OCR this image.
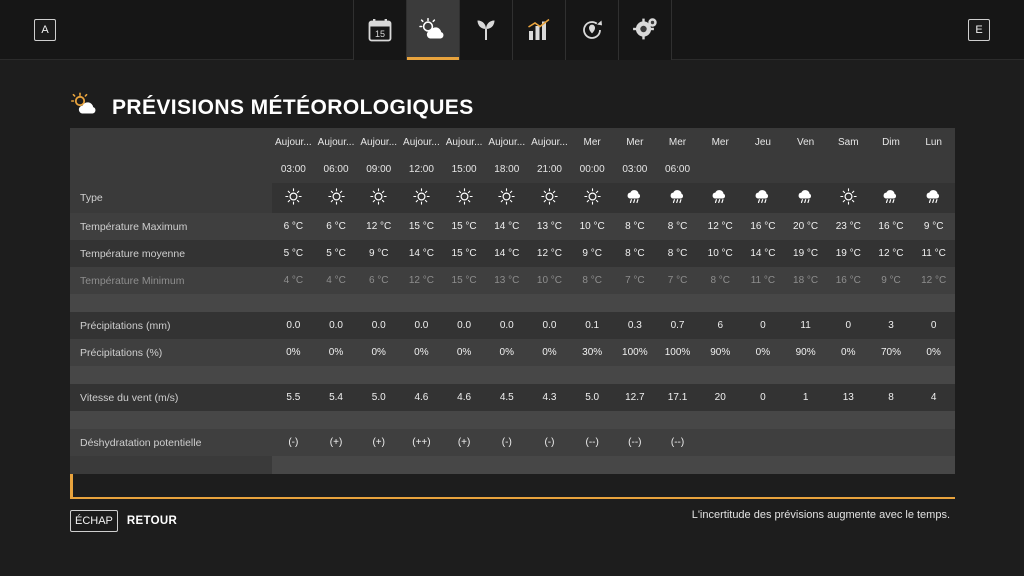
A	15	E
PRÉVISIONS MÉTÉOROLOGIQUES
	Aujour...	Aujour...	Aujour...	Aujour...	Aujour...	Aujour...	Aujour...	Mer	Mer	Mer	Mer	Jeu	Ven	Sam	Dim	Lun
	03:00	06:00	09:00	12:00	15:00	18:00	21:00	00:00	03:00	06:00						
Type																
Température Maximum	6 °C	6 °C	12 °C	15 °C	15 °C	14 °C	13 °C	10 °C	8 °C	8 °C	12 °C	16 °C	20 °C	23 °C	16 °C	9 °C
Température moyenne	5 °C	5 °C	9 °C	14 °C	15 °C	14 °C	12 °C	9 °C	8 °C	8 °C	10 °C	14 °C	19 °C	19 °C	12 °C	11 °C
Température Minimum	4 °C	4 °C	6 °C	12 °C	15 °C	13 °C	10 °C	8 °C	7 °C	7 °C	8 °C	11 °C	18 °C	16 °C	9 °C	12 °C

Précipitations (mm)	0.0	0.0	0.0	0.0	0.0	0.0	0.0	0.1	0.3	0.7	6	0	11	0	3	0
Précipitations (%)	0%	0%	0%	0%	0%	0%	0%	30%	100%	100%	90%	0%	90%	0%	70%	0%

Vitesse du vent (m/s)	5.5	5.4	5.0	4.6	4.6	4.5	4.3	5.0	12.7	17.1	20	0	1	13	8	4

Déshydratation potentielle	(-)	(+)	(+)	(++)	(+)	(-)	(-)	(--)	(--)	(--)						

ÉCHAP	RETOUR	L'incertitude des prévisions augmente avec le temps.
